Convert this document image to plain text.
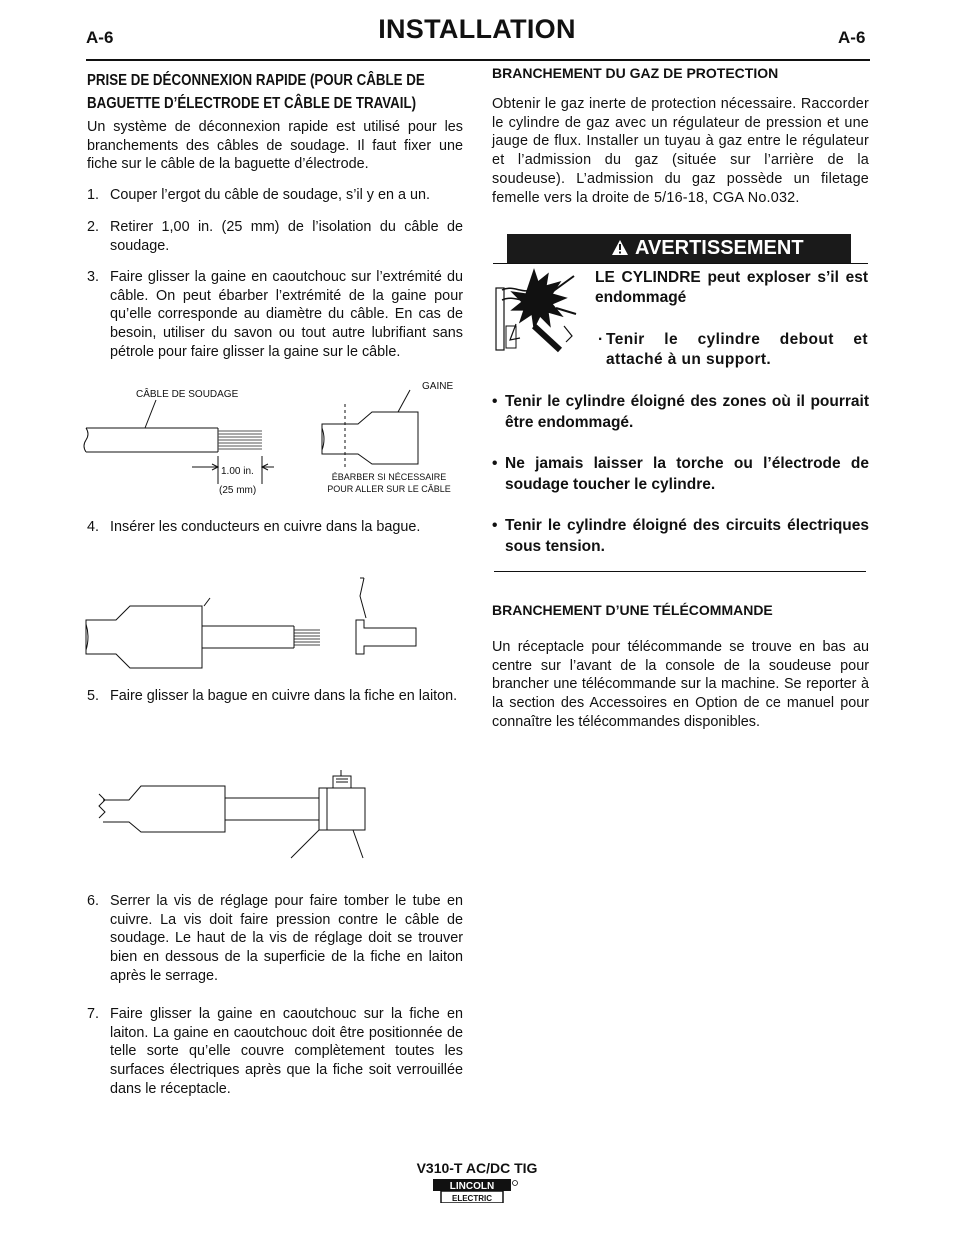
A-6	INSTALLATION	A-6
PRISE DE DÉCONNEXION RAPIDE (POUR CÂBLE DE BAGUETTE D’ÉLECTRODE ET CÂBLE DE TRAVAIL)

Un système de déconnexion rapide est utilisé pour les branchements des câbles de soudage. Il faut fixer une fiche sur le câble de la baguette d’électrode.

1. Couper l’ergot du câble de soudage, s’il y en a un.
2. Retirer 1,00 in. (25 mm) de l’isolation du câble de soudage.
3. Faire glisser la gaine en caoutchouc sur l’extrémité du câble. On peut ébarber l’extrémité de la gaine pour qu’elle corresponde au diamètre du câble. En cas de besoin, utiliser du savon ou tout autre lubrifiant sans pétrole pour faire glisser la gaine sur le câble.
CÂBLE DE SOUDAGE
1.00 in.
(25 mm)
GAINE
ÉBARBER SI NÉCESSAIRE
POUR ALLER SUR LE CÂBLE
4. Insérer les conducteurs en cuivre dans la bague.
5. Faire glisser la bague en cuivre dans la fiche en laiton.
6. Serrer la vis de réglage pour faire tomber le tube en cuivre. La vis doit faire pression contre le câble de soudage. Le haut de la vis de réglage doit se trouver bien en dessous de la superficie de la fiche en laiton après le serrage.
7. Faire glisser la gaine en caoutchouc sur la fiche en laiton. La gaine en caoutchouc doit être positionnée de telle sorte qu’elle couvre complètement toutes les surfaces électriques après que la fiche soit verrouillée dans le réceptacle.
BRANCHEMENT DU GAZ DE PROTECTION

Obtenir le gaz inerte de protection nécessaire. Raccorder le cylindre de gaz avec un régulateur de pression et une jauge de flux. Installer un tuyau à gaz entre le régulateur et l’admission du gaz (située sur l’arrière de la soudeuse). L’admission du gaz possède un filetage femelle vers la droite de 5/16-18, CGA No.032.

AVERTISSEMENT
LE CYLINDRE peut exploser s’il est endommagé
· Tenir le cylindre debout et attaché à un support.
• Tenir le cylindre éloigné des zones où il pourrait être endommagé.
• Ne jamais laisser la torche ou l’électrode de soudage toucher le cylindre.
• Tenir le cylindre éloigné des circuits électriques sous tension.
BRANCHEMENT D’UNE TÉLÉCOMMANDE

Un réceptacle pour télécommande se trouve en bas au centre sur l’avant de la console de la soudeuse pour brancher une télécommande sur la machine. Se reporter à la section des Accessoires en Option de ce manuel pour connaître les télécommandes disponibles.

V310-T AC/DC TIG
LINCOLN
ELECTRIC
